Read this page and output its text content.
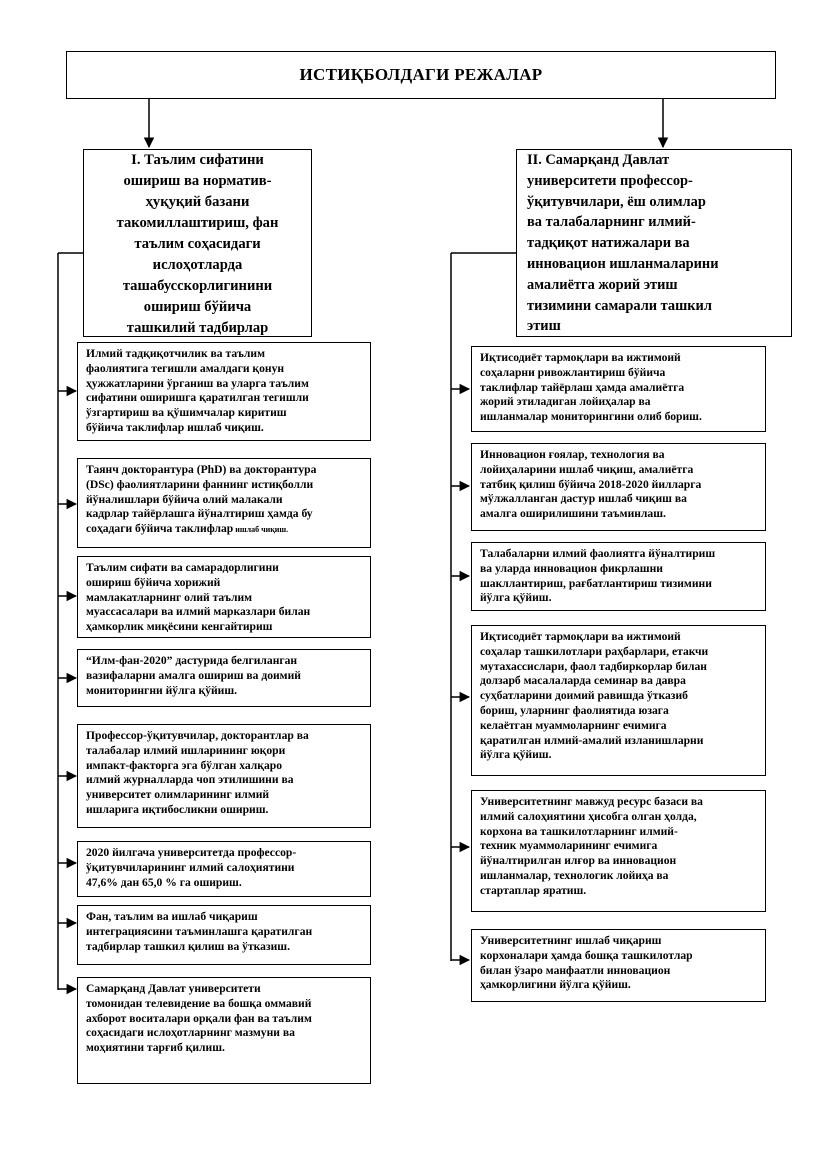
ИСТИҚБОЛДАГИ РЕЖАЛАР
I. Таълим сифатини
ошириш ва норматив-
ҳуқуқий базани
такомиллаштириш, фан
таълим соҳасидаги
ислоҳотларда
ташабусскорлигинини
ошириш бўйича
ташкилий тадбирлар
II. Самарқанд Давлат
университети профессор-
ўқитувчилари, ёш олимлар
ва талабаларнинг илмий-
тадқиқот натижалари ва
инновацион ишланмаларини
амалиётга жорий этиш
тизимини самарали ташкил
этиш
Илмий тадқиқотчилик ва таълим
фаолиятига тегишли амалдаги қонун
ҳужжатларини ўрганиш ва уларга таълим
сифатини оширишга қаратилган тегишли
ўзгартириш ва қўшимчалар киритиш
бўйича таклифлар ишлаб чиқиш.
Таянч докторантура (PhD) ва докторантура
(DSc) фаолиятларини фаннинг истиқболли
йўналишлари бўйича олий малакали
кадрлар тайёрлашга йўналтириш ҳамда бу
соҳадаги бўйича таклифлар ишлаб чиқиш.
Таълим сифати ва самарадорлигини
ошириш бўйича хорижий
мамлакатларнинг олий таълим
муассасалари ва илмий марказлари билан
ҳамкорлик миқёсини кенгайтириш
“Илм-фан-2020” дастурида белгиланган
вазифаларни амалга ошириш ва доимий
мониторингни йўлга қўйиш.
Профессор-ўқитувчилар, докторантлар ва
талабалар илмий ишларининг юқори
импакт-факторга эга бўлган халқаро
илмий журналларда чоп этилишини ва
университет олимларининг илмий
ишларига иқтибосликни ошириш.
2020 йилгача университетда профессор-
ўқитувчиларининг илмий салоҳиятини
47,6% дан 65,0 % га ошириш.
Фан, таълим ва ишлаб чиқариш
интеграциясини таъминлашга қаратилган
тадбирлар ташкил қилиш ва ўтказиш.
Самарқанд Давлат университети
томонидан телевидение ва бошқа оммавий
ахборот воситалари орқали фан ва таълим
соҳасидаги ислоҳотларнинг мазмуни ва
моҳиятини тарғиб қилиш.
Иқтисодиёт тармоқлари ва ижтимоий
соҳаларни ривожлантириш бўйича
таклифлар тайёрлаш ҳамда амалиётга
жорий этиладиган лойиҳалар ва
ишланмалар мониторингини олиб бориш.
Инновацион ғоялар, технология ва
лойиҳаларини ишлаб чиқиш, амалиётга
татбиқ қилиш бўйича 2018-2020 йилларга
мўлжалланган дастур ишлаб чиқиш ва
амалга оширилишини таъминлаш.
Талабаларни илмий фаолиятга йўналтириш
ва уларда инновацион фикрлашни
шакллантириш, рағбатлантириш тизимини
йўлга қўйиш.
Иқтисодиёт тармоқлари ва ижтимоий
соҳалар ташкилотлари раҳбарлари, етакчи
мутахассислари, фаол тадбиркорлар билан
долзарб масалаларда семинар ва давра
суҳбатларини доимий равишда ўтказиб
бориш, уларнинг фаолиятида юзага
келаётган муаммоларнинг ечимига
қаратилган илмий-амалий изланишларни
йўлга қўйиш.
Университетнинг мавжуд ресурс базаси ва
илмий салоҳиятини ҳисобга олган ҳолда,
корхона ва ташкилотларнинг илмий-
техник муаммоларининг ечимига
йўналтирилган илғор ва инновацион
ишланмалар, технологик лойиҳа ва
стартаплар яратиш.
Университетнинг ишлаб чиқариш
корхоналари ҳамда бошқа ташкилотлар
билан ўзаро манфаатли инновацион
ҳамкорлигини йўлга қўйиш.
